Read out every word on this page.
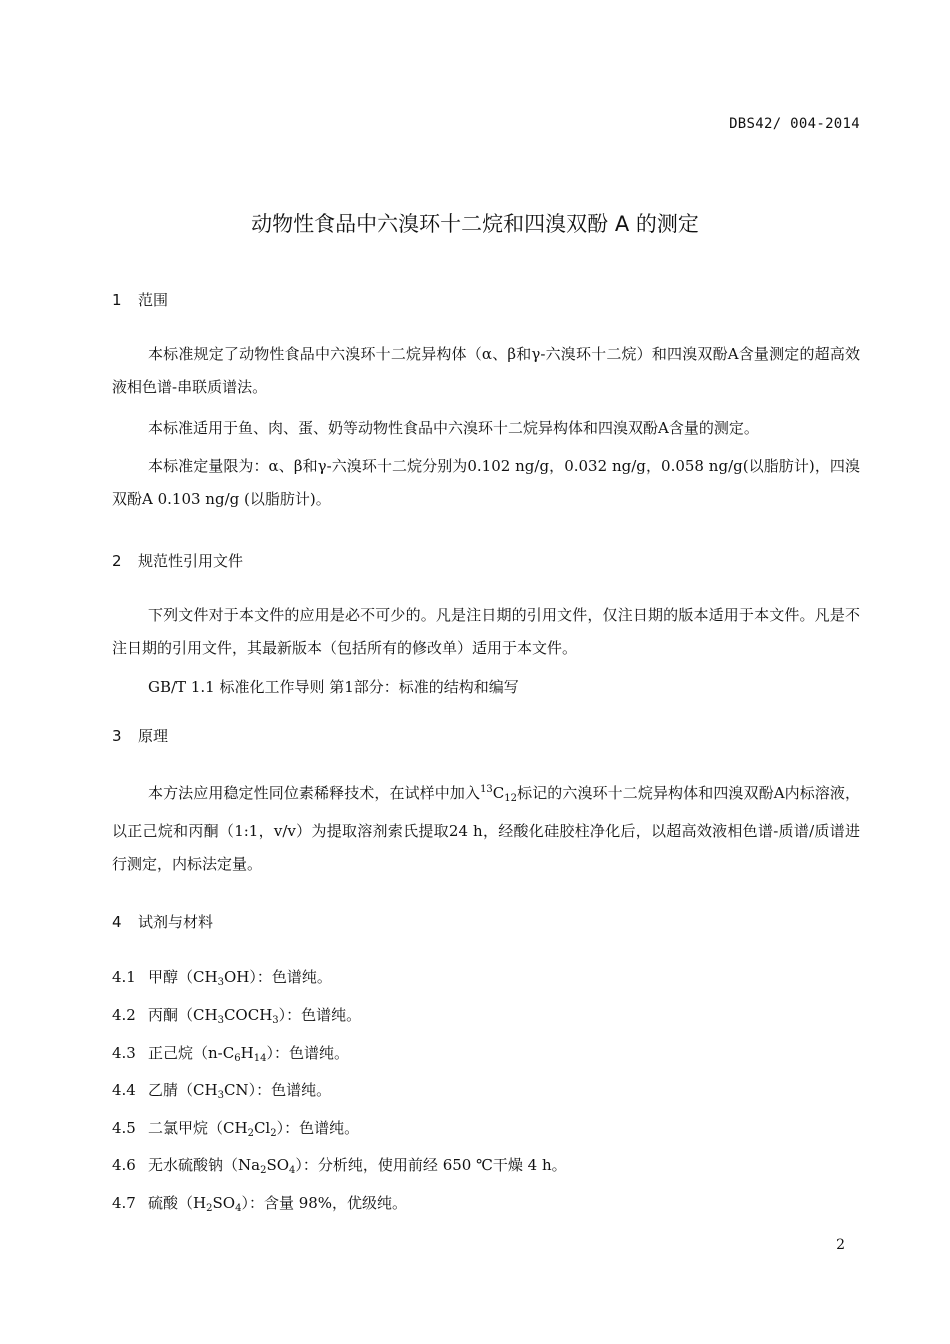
DBS42/ 004-2014
动物性食品中六溴环十二烷和四溴双酚 A 的测定
1 范围

本标准规定了动物性食品中六溴环十二烷异构体（α、β和γ-六溴环十二烷）和四溴双酚A含量测定的超高效液相色谱-串联质谱法。

本标准适用于鱼、肉、蛋、奶等动物性食品中六溴环十二烷异构体和四溴双酚A含量的测定。

本标准定量限为：α、β和γ-六溴环十二烷分别为0.102 ng/g，0.032 ng/g，0.058 ng/g(以脂肪计)，四溴双酚A 0.103 ng/g (以脂肪计)。

2 规范性引用文件

下列文件对于本文件的应用是必不可少的。凡是注日期的引用文件，仅注日期的版本适用于本文件。凡是不注日期的引用文件，其最新版本（包括所有的修改单）适用于本文件。

GB/T 1.1 标准化工作导则 第1部分：标准的结构和编写
3 原理

本方法应用稳定性同位素稀释技术，在试样中加入$^{13}C_{12}$标记的六溴环十二烷异构体和四溴双酚A内标溶液，以正己烷和丙酮（1:1，v/v）为提取溶剂索氏提取24 h，经酸化硅胶柱净化后，以超高效液相色谱-质谱/质谱进行测定，内标法定量。

4 试剂与材料
4.1 甲醇$(CH_3OH)$：色谱纯。
4.2 丙酮$(CH_3COCH_3)$：色谱纯。
4.3 正己烷$(n-C_6H_{14})$：色谱纯。
4.4 乙腈$(CH_3CN)$：色谱纯。
4.5 二氯甲烷$(CH_2Cl_2)$：色谱纯。
4.6 无水硫酸钠$(Na_2SO_4)$：分析纯，使用前经 650 ℃干燥 4 h。
4.7 硫酸$(H_2SO_4)$：含量 98%，优级纯。
2
